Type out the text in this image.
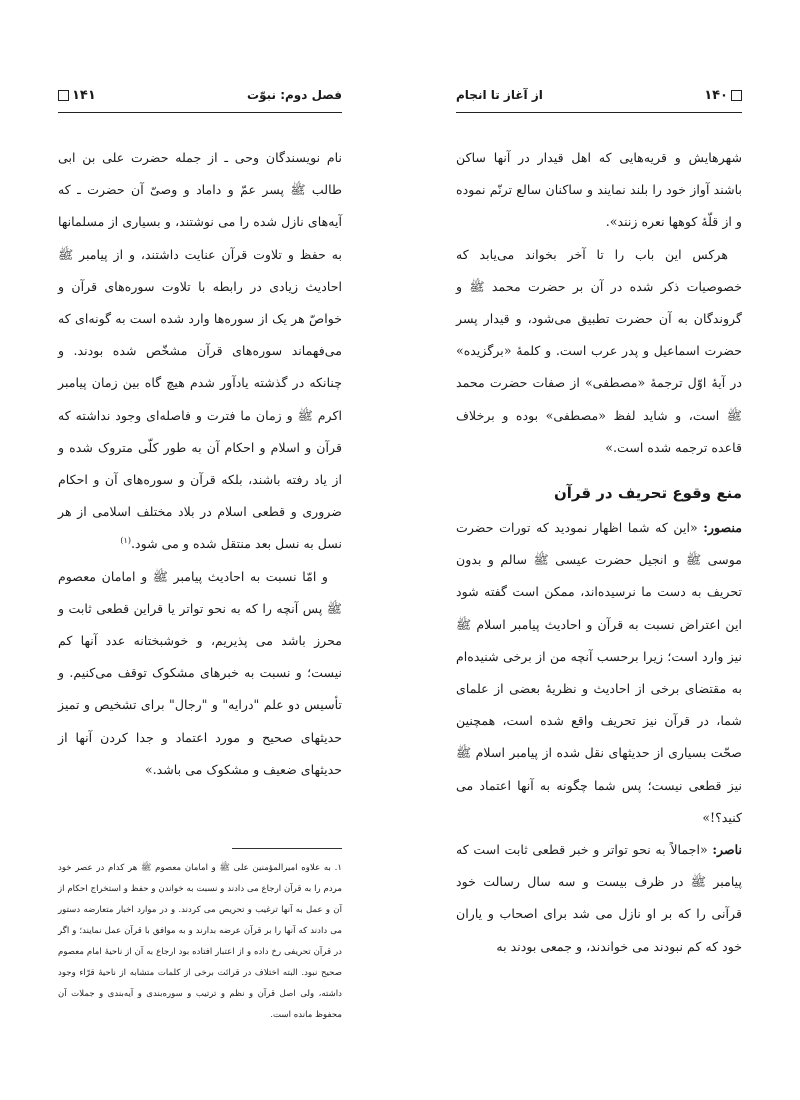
فصل دوم: نبوّت
۱۴۱

نام نویسندگان وحی ـ از جمله حضرت علی بن ابی طالب ﷺ پسر عمّ و داماد و وصیّ آن حضرت ـ که آیه‌های نازل شده را می نوشتند، و بسیاری از مسلمانها به حفظ و تلاوت قرآن عنایت داشتند، و از پیامبر ﷺ احادیث زیادی در رابطه با تلاوت سوره‌های قرآن و خواصّ هر یک از سوره‌ها وارد شده است به گونه‌ای که می‌فهماند سوره‌های قرآن مشخّص شده بودند. و چنانکه در گذشته یادآور شدم هیچ گاه بین زمان پیامبر اکرم ﷺ و زمان ما فترت و فاصله‌ای وجود نداشته که قرآن و اسلام و احکام آن به طور کلّی متروک شده و از یاد رفته باشند، بلکه قرآن و سوره‌های آن و احکام ضروری و قطعی اسلام در بلاد مختلف اسلامی از هر نسل به نسل بعد منتقل شده و می شود.$^{(۱)}$

و امّا نسبت به احادیث پیامبر ﷺ و امامان معصوم ﷺ پس آنچه را که به نحو تواتر یا قراین قطعی ثابت و محرز باشد می پذیریم، و خوشبختانه عدد آنها کم نیست؛ و نسبت به خبرهای مشکوک توقف می‌کنیم. و تأسیس دو علم "درایه" و "رجال" برای تشخیص و تمیز حدیثهای صحیح و مورد اعتماد و جدا کردن آنها از حدیثهای ضعیف و مشکوک می باشد.»

۱. به علاوه امیرالمؤمنین علی ﷺ و امامان معصوم ﷺ هر کدام در عصر خود مردم را به قرآن ارجاع می دادند و نسبت به خواندن و حفظ و استخراج احکام از آن و عمل به آنها ترغیب و تحریص می کردند. و در موارد اخبار متعارضه دستور می دادند که آنها را بر قرآن عرضه بدارند و به موافق با قرآن عمل نمایند؛ و اگر در قرآن تحریفی رخ داده و از اعتبار افتاده بود ارجاع به آن از ناحیهٔ امام معصوم صحیح نبود. البته اختلاف در قرائت برخی از کلمات متشابه از ناحیهٔ قرّاء وجود داشته، ولی اصل قرآن و نظم و ترتیب و سوره‌بندی و آیه‌بندی و جملات آن محفوظ مانده است.
۱۴۰
از آغاز تا انجام

شهرهایش و قریه‌هایی که اهل قیدار در آنها ساکن باشند آواز خود را بلند نمایند و ساکنان سالع ترنّم نموده و از قلّهٔ کوهها نعره زنند».

هرکس این باب را تا آخر بخواند می‌یابد که خصوصیات ذکر شده در آن بر حضرت محمد ﷺ و گروندگان به آن حضرت تطبیق می‌شود، و قیدار پسر حضرت اسماعیل و پدر عرب است. و کلمهٔ «برگزیده» در آیهٔ اوّل ترجمهٔ «مصطفی» از صفات حضرت محمد ﷺ است، و شاید لفظ «مصطفی» بوده و برخلاف قاعده ترجمه شده است.»

منع وقوع تحریف در قرآن

منصور: «این که شما اظهار نمودید که تورات حضرت موسی ﷺ و انجیل حضرت عیسی ﷺ سالم و بدون تحریف به دست ما نرسیده‌اند، ممکن است گفته شود این اعتراض نسبت به قرآن و احادیث پیامبر اسلام ﷺ نیز وارد است؛ زیرا برحسب آنچه من از برخی شنیده‌ام به مقتضای برخی از احادیث و نظریهٔ بعضی از علمای شما، در قرآن نیز تحریف واقع شده است، همچنین صحّت بسیاری از حدیثهای نقل شده از پیامبر اسلام ﷺ نیز قطعی نیست؛ پس شما چگونه به آنها اعتماد می کنید؟!»

ناصر: «اجمالاً به نحو تواتر و خبر قطعی ثابت است که پیامبر ﷺ در ظرف بیست و سه سال رسالت خود قرآنی را که بر او نازل می شد برای اصحاب و یاران خود که کم نبودند می خواندند، و جمعی بودند به
